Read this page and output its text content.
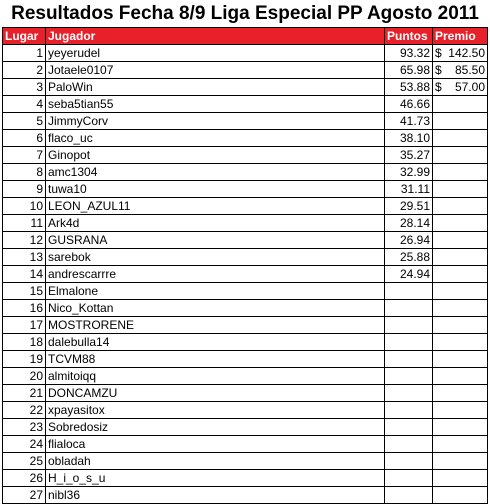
Resultados Fecha 8/9 Liga Especial PP Agosto 2011
Lugar	Jugador	Puntos	Premio
1	yeyerudel	93.32	$ 142.50

2	Jotaele0107	65.98	$ 85.50

3	PaloWin	53.88	$ 57.00

4	seba5tian55	46.66	

5	JimmyCorv	41.73	

6	flaco_uc	38.10	

7	Ginopot	35.27	

8	amc1304	32.99	

9	tuwa10	31.11	

10	LEON_AZUL11	29.51	

11	Ark4d	28.14	

12	GUSRANA	26.94	

13	sarebok	25.88	

14	andrescarrre	24.94	

15	Elmalone		

16	Nico_Kottan		

17	MOSTRORENE		

18	dalebulla14		

19	TCVM88		

20	almitoiqq		

21	DONCAMZU		

22	xpayasitox		

23	Sobredosiz		

24	flialoca		

25	obladah		

26	H_i_o_s_u		

27	nibl36		
